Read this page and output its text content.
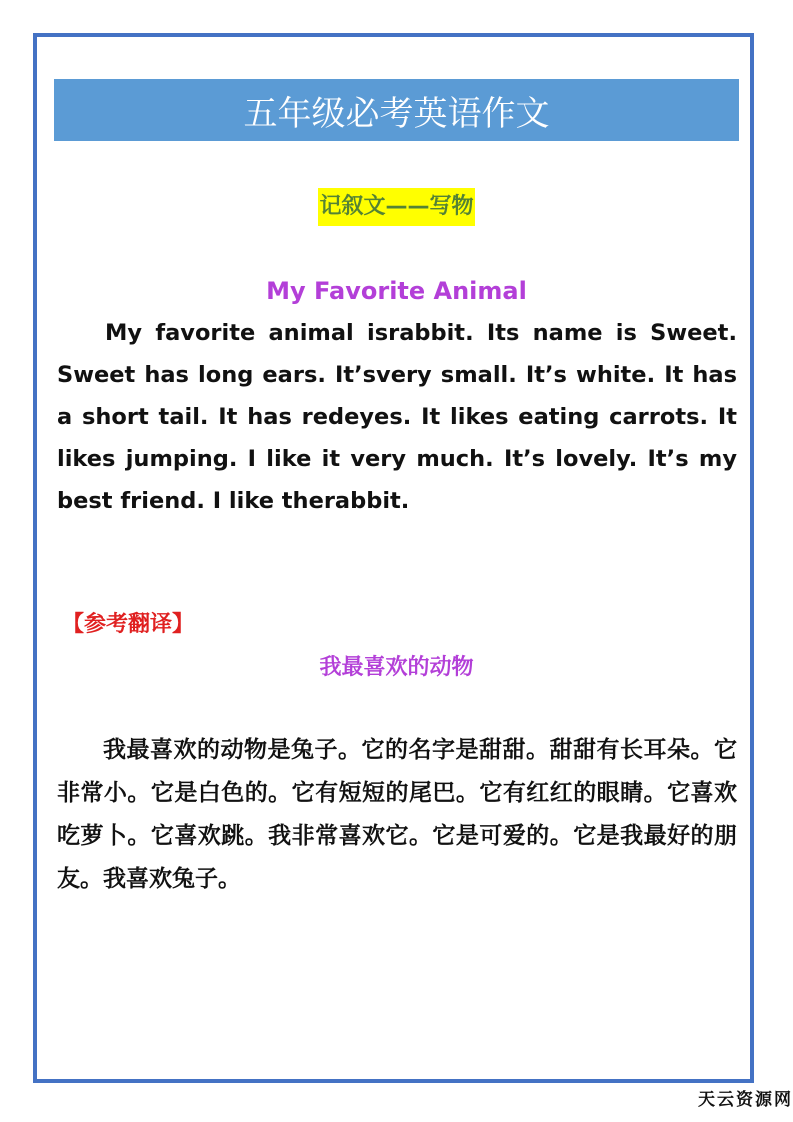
五年级必考英语作文
记叙文——写物
My Favorite Animal

My favorite animal israbbit. Its name is Sweet. Sweet has long ears. It’svery small. It’s white. It has a short tail. It has redeyes. It likes eating carrots. It likes jumping. I like it very much. It’s lovely. It’s my best friend. I like therabbit.

【参考翻译】
我最喜欢的动物

我最喜欢的动物是兔子。它的名字是甜甜。甜甜有长耳朵。它非常小。它是白色的。它有短短的尾巴。它有红红的眼睛。它喜欢吃萝卜。它喜欢跳。我非常喜欢它。它是可爱的。它是我最好的朋友。我喜欢兔子。

天云资源网
